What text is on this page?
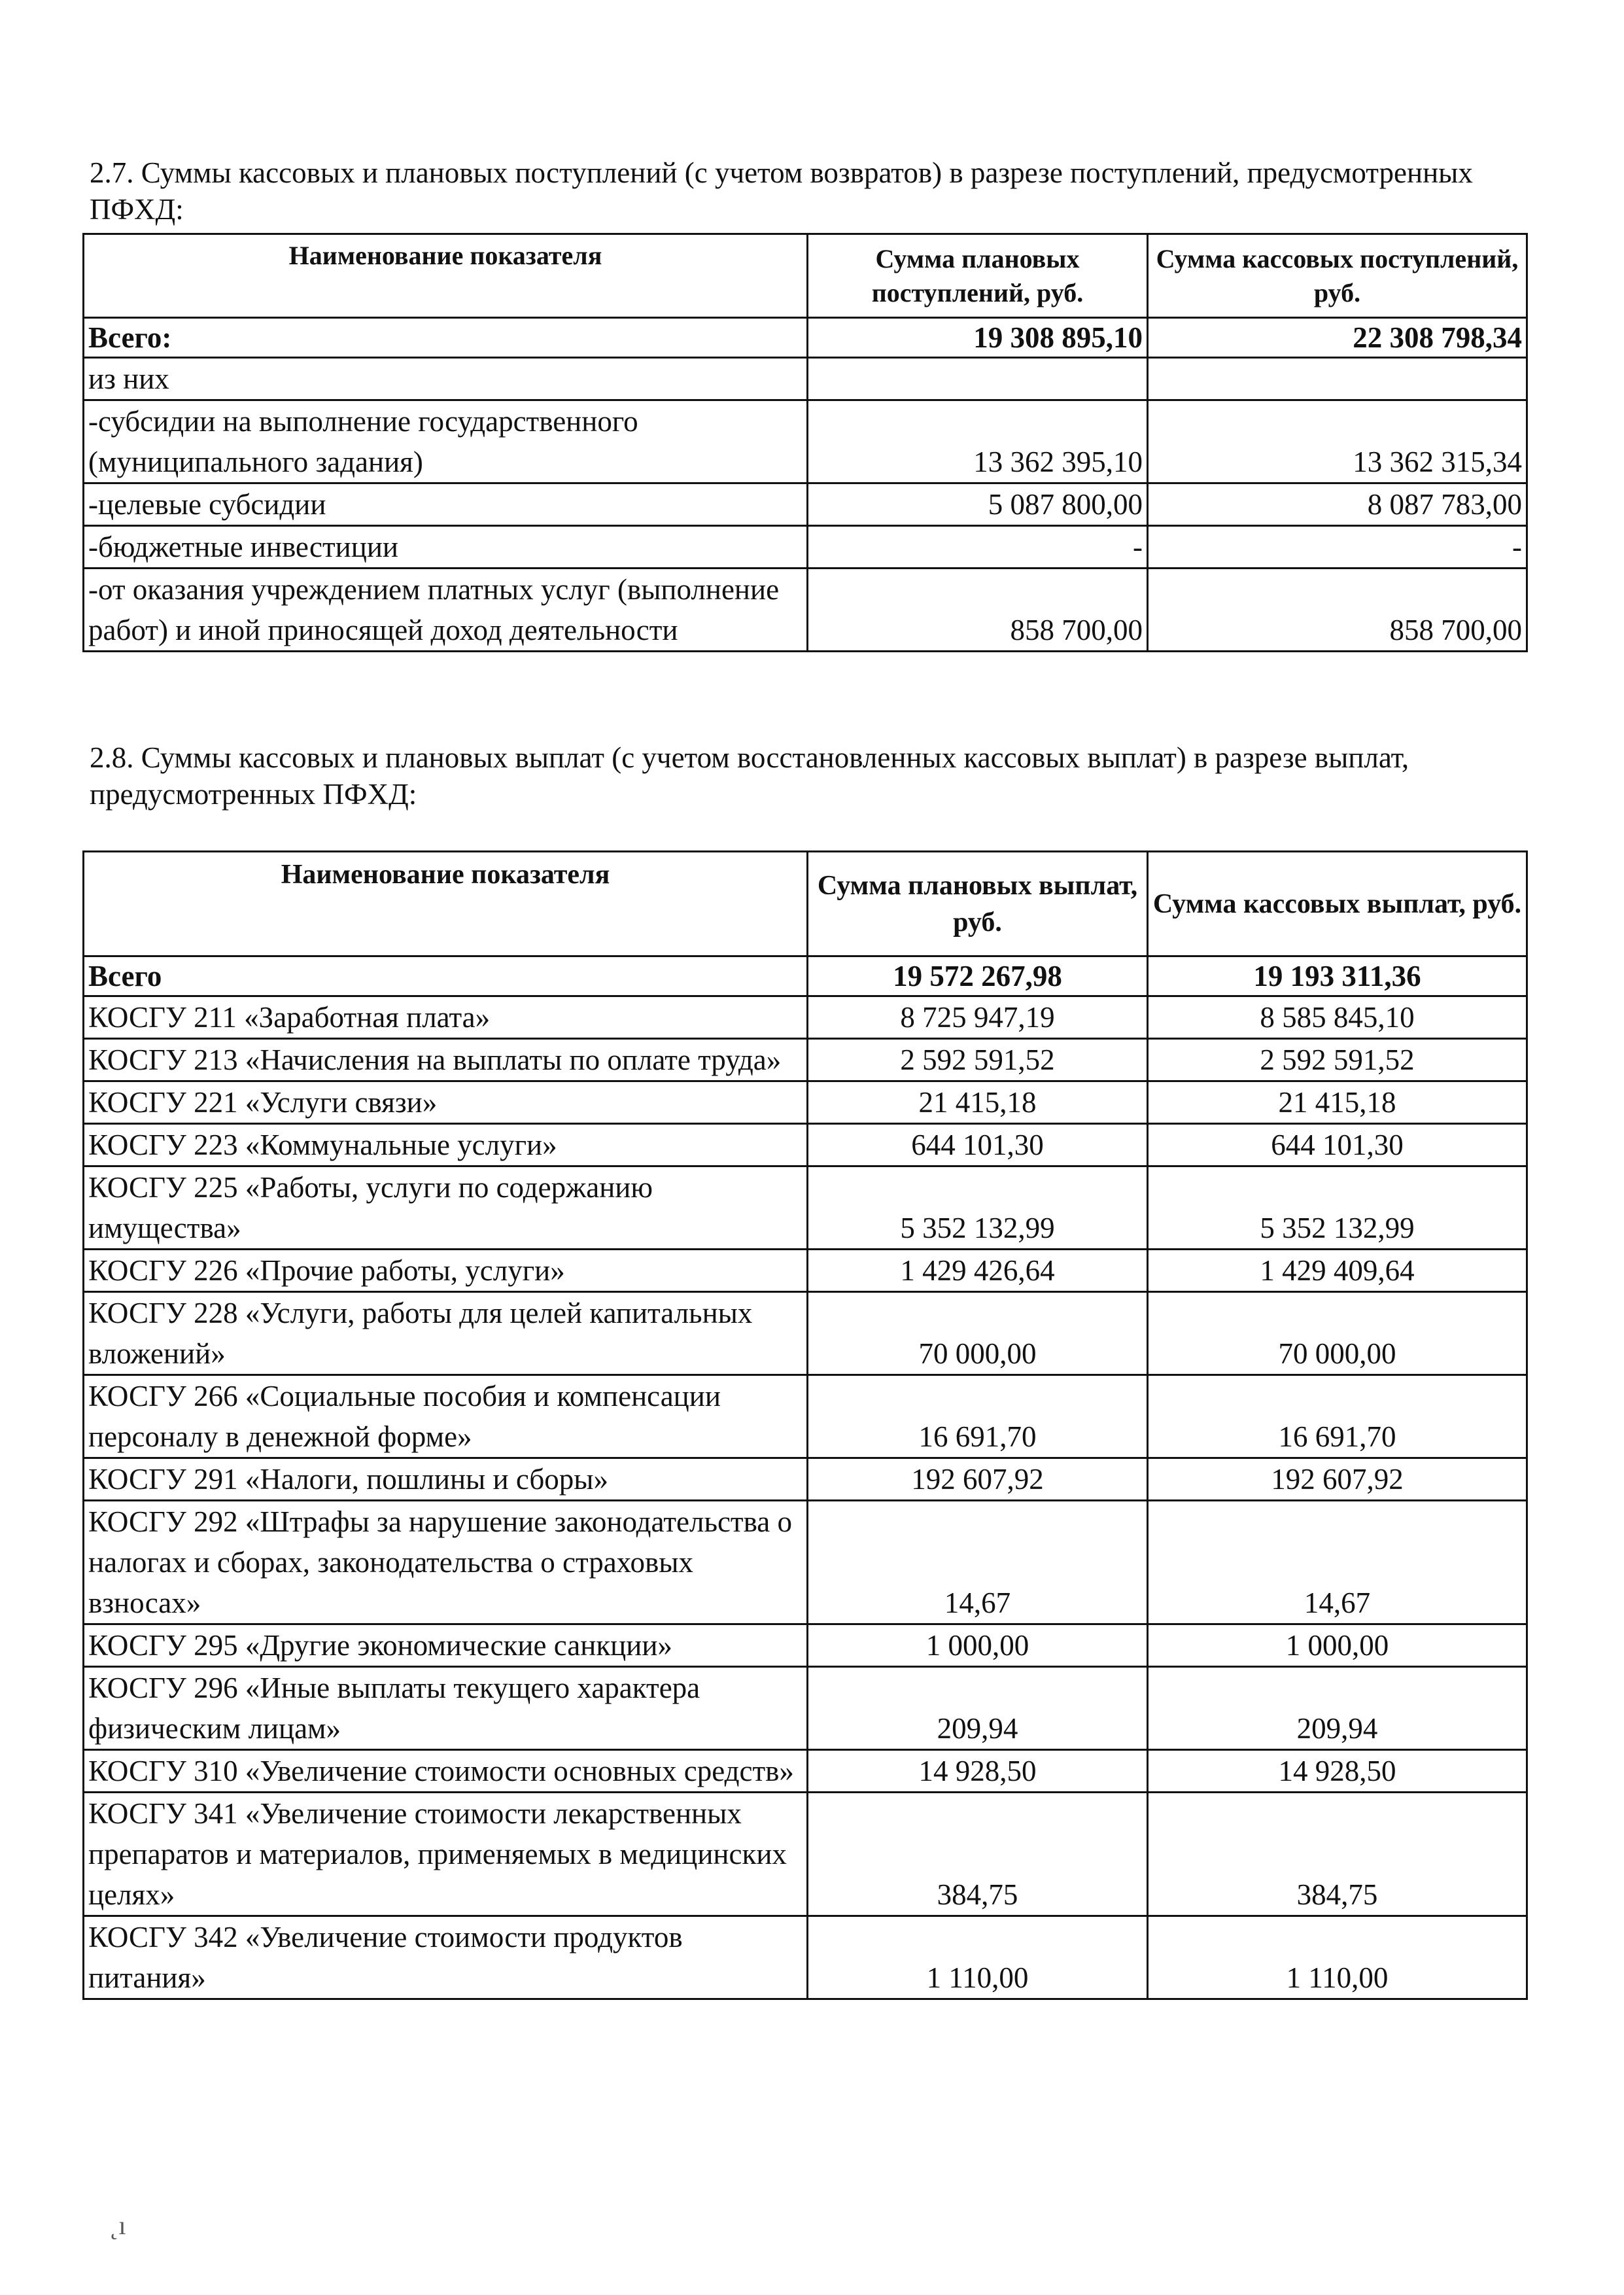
2.7. Суммы кассовых и плановых поступлений (с учетом возвратов) в разрезе поступлений, предусмотренных ПФХД:
Наименование показателя	Сумма плановых поступлений, руб.	Сумма кассовых поступлений, руб.
Всего:	19 308 895,10	22 308 798,34
из них		
-субсидии на выполнение государственного (муниципального задания)	13 362 395,10	13 362 315,34
-целевые субсидии	5 087 800,00	8 087 783,00
-бюджетные инвестиции	-	-
-от оказания учреждением платных услуг (выполнение работ) и иной приносящей доход деятельности	858 700,00	858 700,00
2.8. Суммы кассовых и плановых выплат (с учетом восстановленных кассовых выплат) в разрезе выплат, предусмотренных ПФХД:
Наименование показателя	Сумма плановых выплат, руб.	Сумма кассовых выплат, руб.
Всего	19 572 267,98	19 193 311,36
КОСГУ 211 «Заработная плата»	8 725 947,19	8 585 845,10
КОСГУ 213 «Начисления на выплаты по оплате труда»	2 592 591,52	2 592 591,52
КОСГУ 221 «Услуги связи»	21 415,18	21 415,18
КОСГУ 223 «Коммунальные услуги»	644 101,30	644 101,30
КОСГУ 225 «Работы, услуги по содержанию имущества»	5 352 132,99	5 352 132,99
КОСГУ 226 «Прочие работы, услуги»	1 429 426,64	1 429 409,64
КОСГУ 228 «Услуги, работы для целей капитальных вложений»	70 000,00	70 000,00
КОСГУ 266 «Социальные пособия и компенсации персоналу в денежной форме»	16 691,70	16 691,70
КОСГУ 291 «Налоги, пошлины и сборы»	192 607,92	192 607,92
КОСГУ 292 «Штрафы за нарушение законодательства о налогах и сборах, законодательства о страховых взносах»	14,67	14,67
КОСГУ 295 «Другие экономические санкции»	1 000,00	1 000,00
КОСГУ 296 «Иные выплаты текущего характера физическим лицам»	209,94	209,94
КОСГУ 310 «Увеличение стоимости основных средств»	14 928,50	14 928,50
КОСГУ 341 «Увеличение стоимости лекарственных препаратов и материалов, применяемых в медицинских целях»	384,75	384,75
КОСГУ 342 «Увеличение стоимости продуктов питания»	1 110,00	1 110,00
˛ı
